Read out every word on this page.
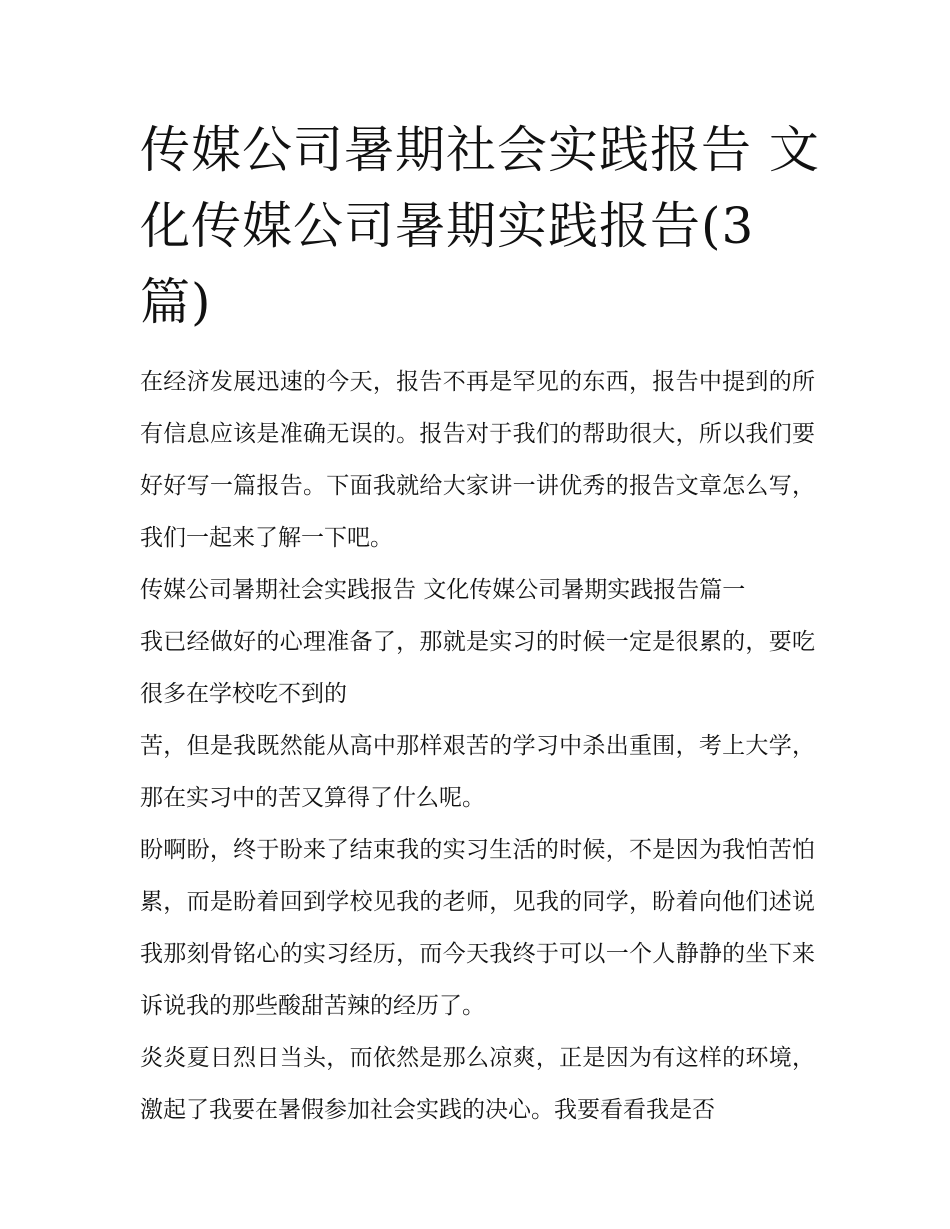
传媒公司暑期社会实践报告 文化传媒公司暑期实践报告(3篇)

在经济发展迅速的今天，报告不再是罕见的东西，报告中提到的所有信息应该是准确无误的。报告对于我们的帮助很大，所以我们要好好写一篇报告。下面我就给大家讲一讲优秀的报告文章怎么写，我们一起来了解一下吧。

传媒公司暑期社会实践报告 文化传媒公司暑期实践报告篇一

我已经做好的心理准备了，那就是实习的时候一定是很累的，要吃很多在学校吃不到的

苦，但是我既然能从高中那样艰苦的学习中杀出重围，考上大学，那在实习中的苦又算得了什么呢。

盼啊盼，终于盼来了结束我的实习生活的时候，不是因为我怕苦怕累，而是盼着回到学校见我的老师，见我的同学，盼着向他们述说我那刻骨铭心的实习经历，而今天我终于可以一个人静静的坐下来诉说我的那些酸甜苦辣的经历了。

炎炎夏日烈日当头，而依然是那么凉爽，正是因为有这样的环境，激起了我要在暑假参加社会实践的决心。我要看看我是否
